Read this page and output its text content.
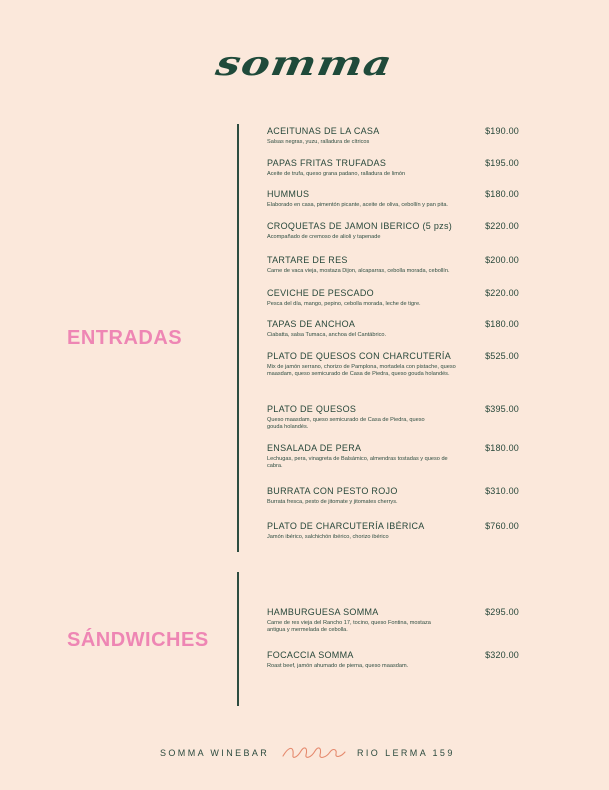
somma
ENTRADAS
ACEITUNAS DE LA CASA	$190.00
Salsas negras, yuzu, ralladura de cítricos
PAPAS FRITAS TRUFADAS	$195.00
Aceite de trufa, queso grana padano, ralladura de limón
HUMMUS	$180.00
Elaborado en casa, pimentón picante, aceite de oliva, cebollín y pan pita.
CROQUETAS DE JAMON IBERICO (5 pzs)	$220.00
Acompañado de cremoso de alioli y tapenade
TARTARE DE RES	$200.00
Carne de vaca vieja, mostaza Dijon, alcaparras, cebolla morada, cebollín.
CEVICHE DE PESCADO	$220.00
Pesca del día, mango, pepino, cebolla morada, leche de tigre.
TAPAS DE ANCHOA	$180.00
Ciabatta, salsa Tumaca, anchoa del Cantábrico.
PLATO DE QUESOS CON CHARCUTERÍA	$525.00
Mix de jamón serrano, chorizo de Pamplona, mortadela con pistache, queso maasdam, queso semicurado de Casa de Piedra, queso gouda holandés.
PLATO DE QUESOS	$395.00
Queso maasdam, queso semicurado de Casa de Piedra, queso gouda holandés.
ENSALADA DE PERA	$180.00
Lechugas, pera, vinagreta de Balsámico, almendras tostadas y queso de cabra.
BURRATA CON PESTO ROJO	$310.00
Burrata fresca, pesto de jitomate y jitomates cherrys.
PLATO DE CHARCUTERÍA IBÉRICA	$760.00
Jamón ibérico, salchichón ibérico, chorizo ibérico
SÁNDWICHES
HAMBURGUESA SOMMA	$295.00
Carne de res vieja del Rancho 17, tocino, queso Fontina, mostaza antigua y mermelada de cebolla.
FOCACCIA SOMMA	$320.00
Roast beef, jamón ahumado de pierna, queso maasdam.
SOMMA WINEBAR	RIO LERMA 159
